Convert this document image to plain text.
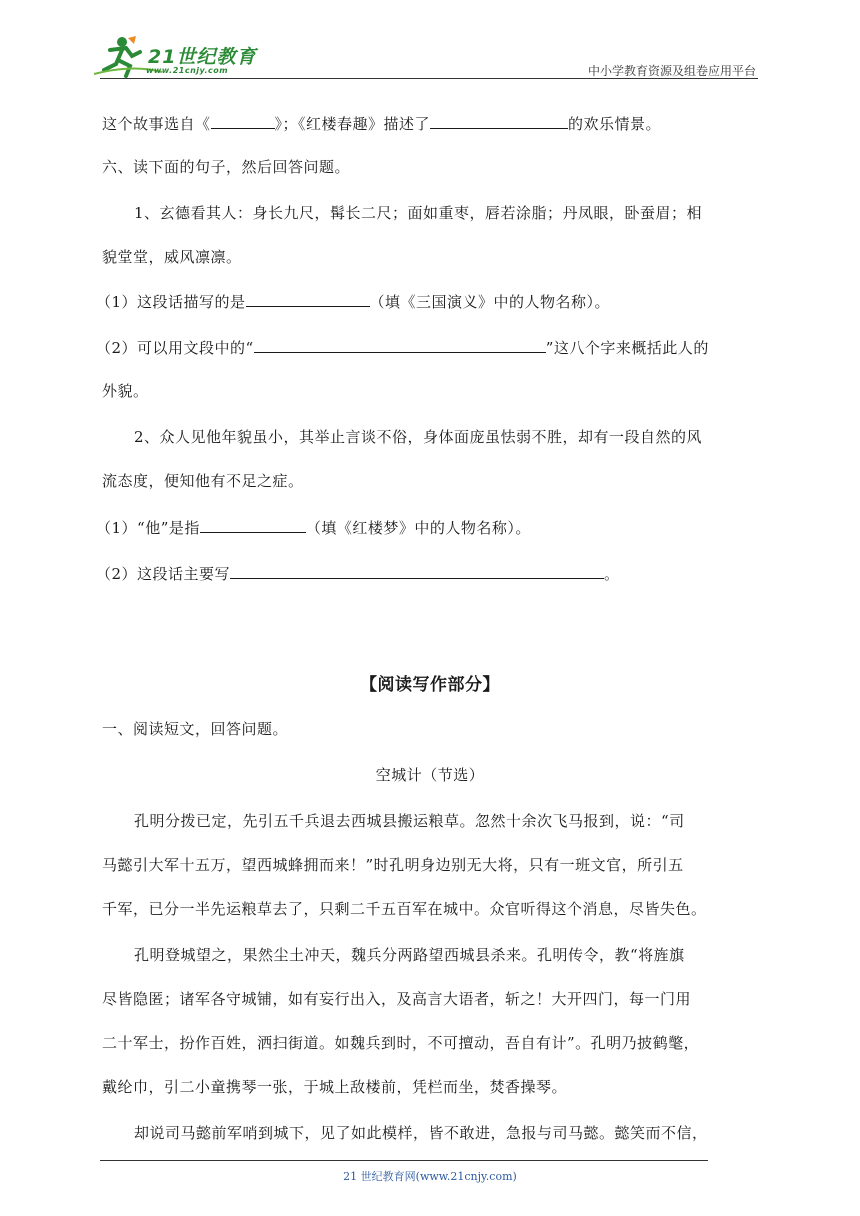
21世纪教育
www.21cnjy.com	中小学教育资源及组卷应用平台
这个故事选自《	》；《红楼春趣》描述了	的欢乐情景。
六、读下面的句子，然后回答问题。
1、玄德看其人：身长九尺，髯长二尺；面如重枣，唇若涂脂；丹凤眼，卧蚕眉；相
貌堂堂，威风凛凛。
（1）这段话描写的是	（填《三国演义》中的人物名称）。
（2）可以用文段中的“	”这八个字来概括此人的
外貌。
2、众人见他年貌虽小，其举止言谈不俗，身体面庞虽怯弱不胜，却有一段自然的风
流态度，便知他有不足之症。
（1）“他”是指	（填《红楼梦》中的人物名称）。
（2）这段话主要写	。
【阅读写作部分】
一、阅读短文，回答问题。
空城计（节选）
孔明分拨已定，先引五千兵退去西城县搬运粮草。忽然十余次飞马报到，说：“司
马懿引大军十五万，望西城蜂拥而来！”时孔明身边别无大将，只有一班文官，所引五
千军，已分一半先运粮草去了，只剩二千五百军在城中。众官听得这个消息，尽皆失色。
孔明登城望之，果然尘土冲天，魏兵分两路望西城县杀来。孔明传令，教“将旌旗
尽皆隐匿；诸军各守城铺，如有妄行出入，及高言大语者，斩之！大开四门，每一门用
二十军士，扮作百姓，洒扫街道。如魏兵到时，不可擅动，吾自有计”。孔明乃披鹤氅，
戴纶巾，引二小童携琴一张，于城上敌楼前，凭栏而坐，焚香操琴。
却说司马懿前军哨到城下，见了如此模样，皆不敢进，急报与司马懿。懿笑而不信，
21 世纪教育网(www.21cnjy.com)
